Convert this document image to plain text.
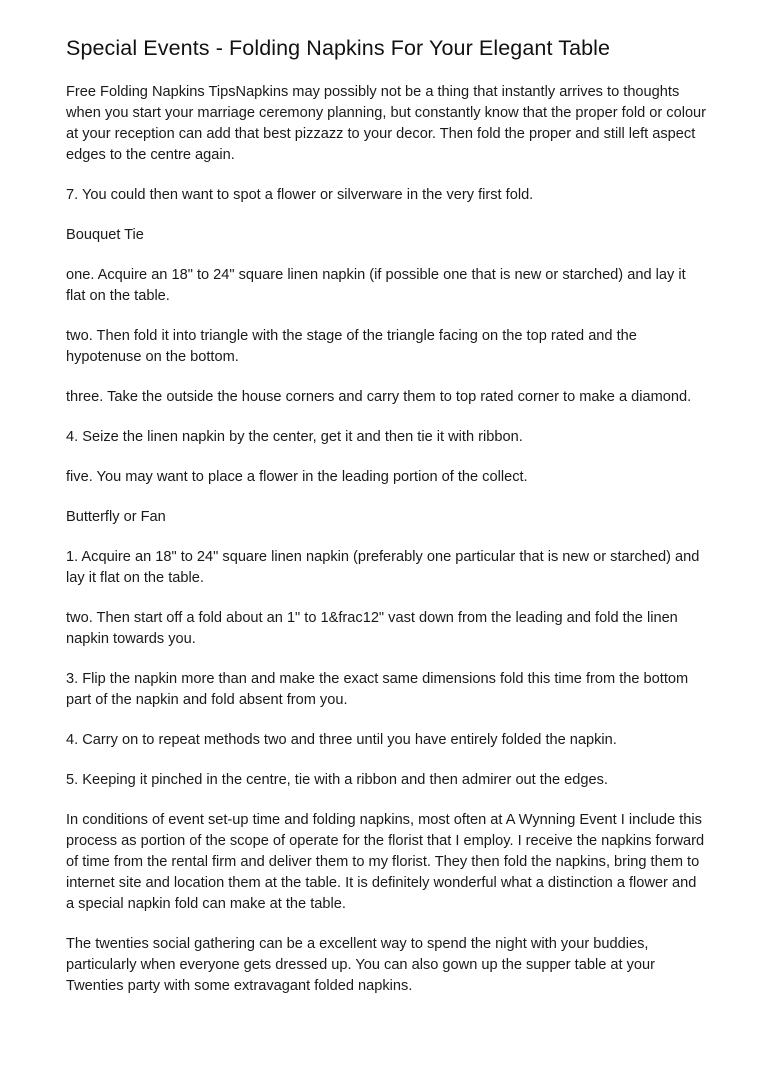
Special Events - Folding Napkins For Your Elegant Table

Free Folding Napkins TipsNapkins may possibly not be a thing that instantly arrives to thoughts when you start your marriage ceremony planning, but constantly know that the proper fold or colour at your reception can add that best pizzazz to your decor. Then fold the proper and still left aspect edges to the centre again.

7. You could then want to spot a flower or silverware in the very first fold.

Bouquet Tie

one. Acquire an 18" to 24" square linen napkin (if possible one that is new or starched) and lay it flat on the table.

two. Then fold it into triangle with the stage of the triangle facing on the top rated and the hypotenuse on the bottom.

three. Take the outside the house corners and carry them to top rated corner to make a diamond.

4. Seize the linen napkin by the center, get it and then tie it with ribbon.

five. You may want to place a flower in the leading portion of the collect.

Butterfly or Fan

1. Acquire an 18" to 24" square linen napkin (preferably one particular that is new or starched) and lay it flat on the table.

two. Then start off a fold about an 1" to 1&frac12" vast down from the leading and fold the linen napkin towards you.

3. Flip the napkin more than and make the exact same dimensions fold this time from the bottom part of the napkin and fold absent from you.

4. Carry on to repeat methods two and three until you have entirely folded the napkin.

5. Keeping it pinched in the centre, tie with a ribbon and then admirer out the edges.

In conditions of event set-up time and folding napkins, most often at A Wynning Event I include this process as portion of the scope of operate for the florist that I employ. I receive the napkins forward of time from the rental firm and deliver them to my florist. They then fold the napkins, bring them to internet site and location them at the table. It is definitely wonderful what a distinction a flower and a special napkin fold can make at the table.

The twenties social gathering can be a excellent way to spend the night with your buddies, particularly when everyone gets dressed up. You can also gown up the supper table at your Twenties party with some extravagant folded napkins.
